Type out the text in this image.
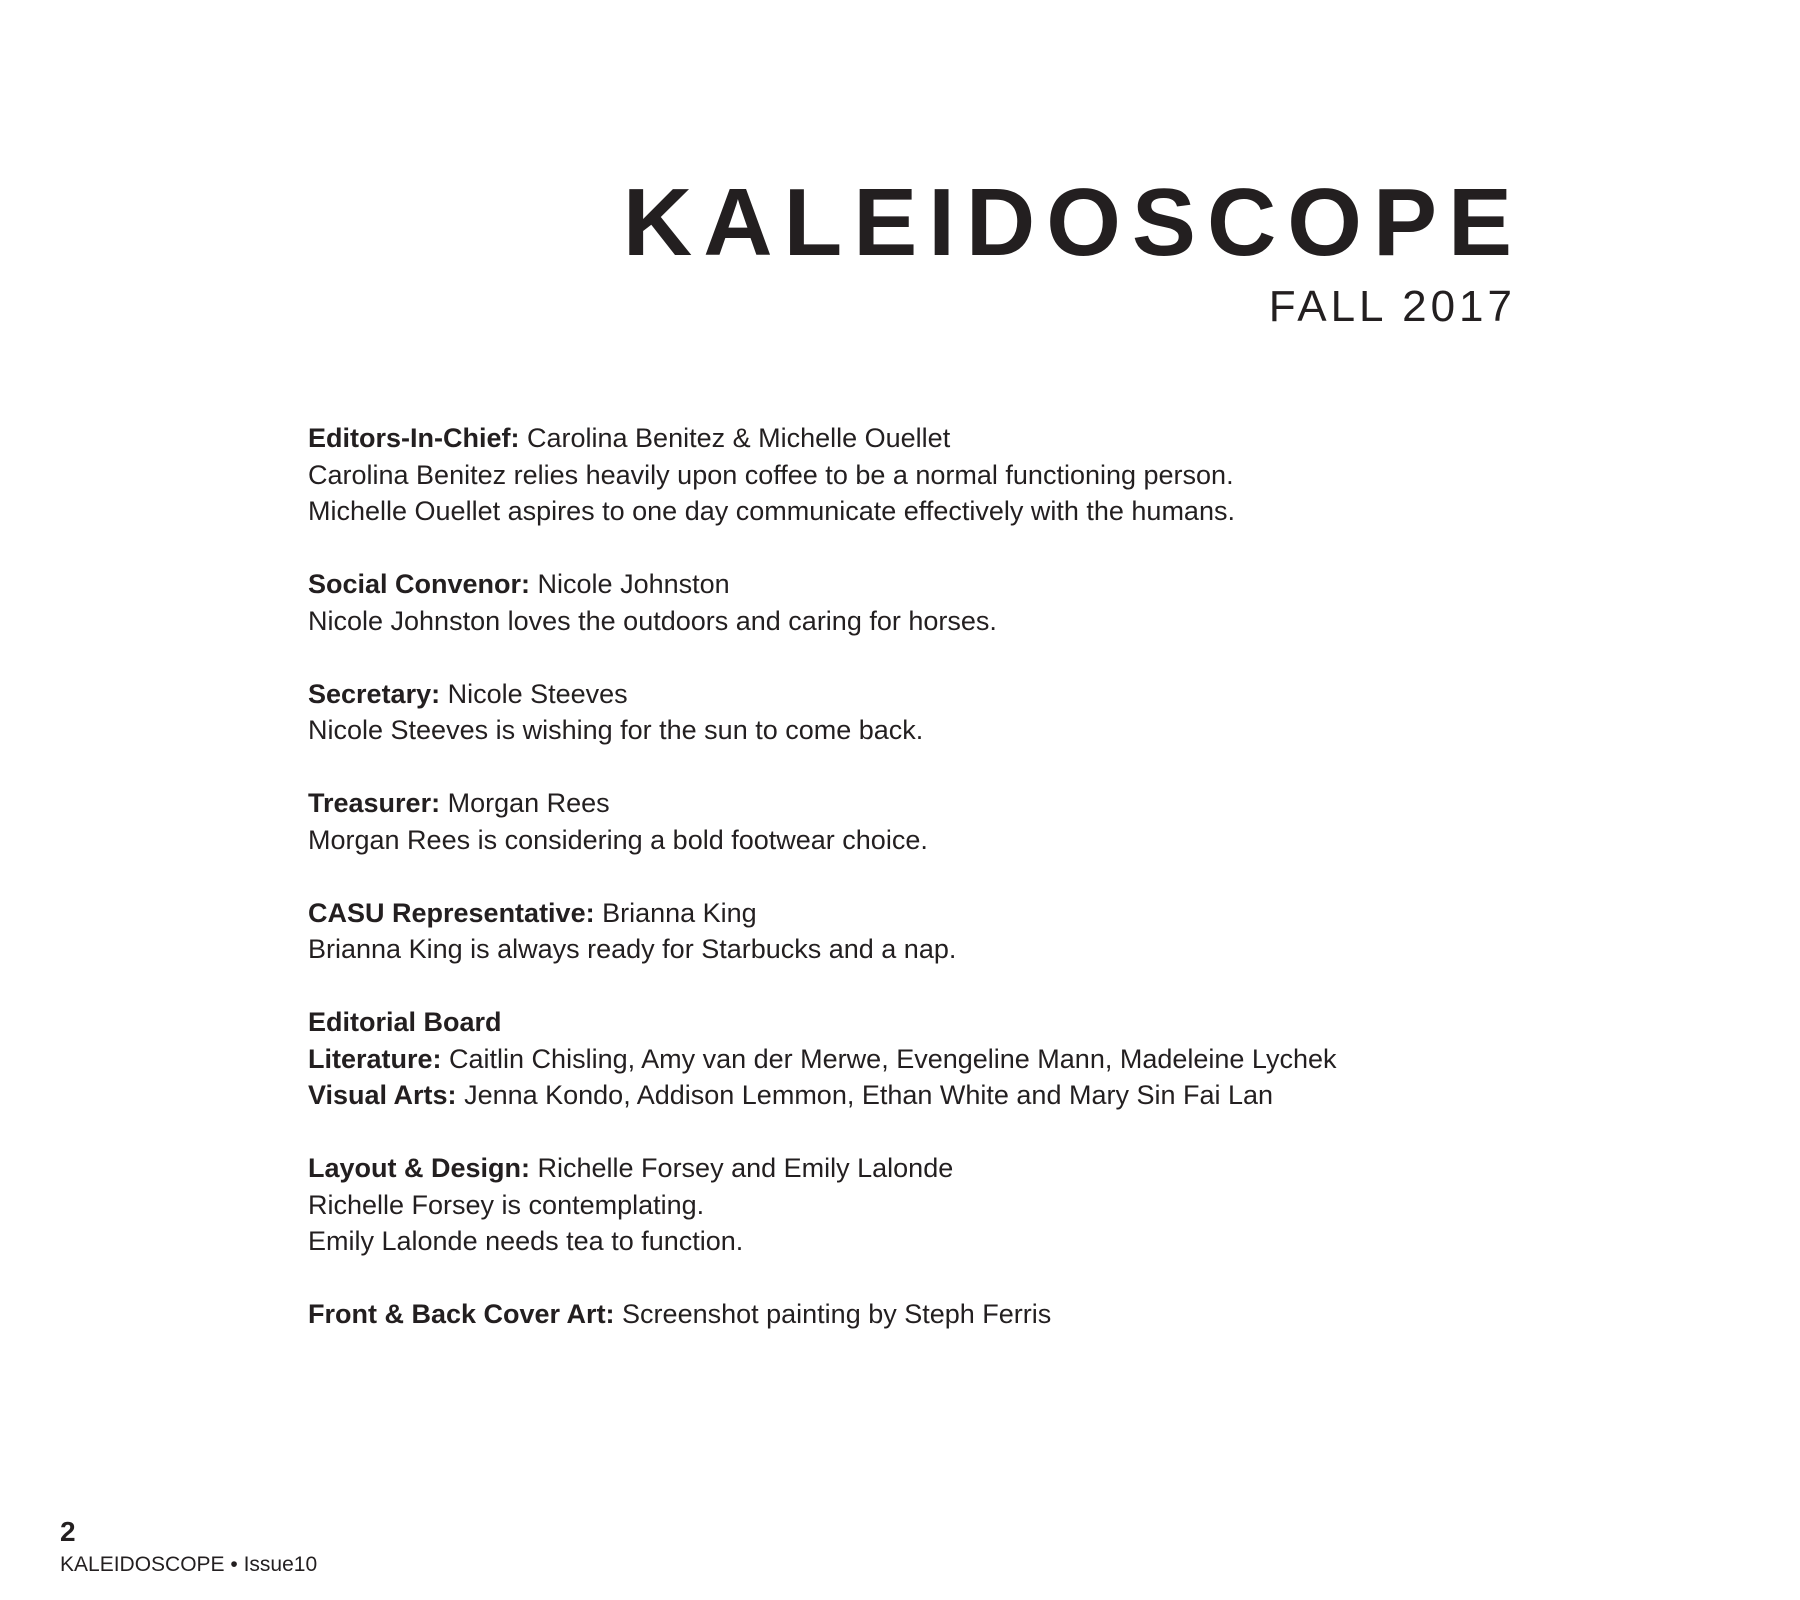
KALEIDOSCOPE
FALL 2017
Editors-In-Chief: Carolina Benitez & Michelle Ouellet
Carolina Benitez relies heavily upon coffee to be a normal functioning person.
Michelle Ouellet aspires to one day communicate effectively with the humans.
Social Convenor: Nicole Johnston
Nicole Johnston loves the outdoors and caring for horses.
Secretary: Nicole Steeves
Nicole Steeves is wishing for the sun to come back.
Treasurer: Morgan Rees
Morgan Rees is considering a bold footwear choice.
CASU Representative: Brianna King
Brianna King is always ready for Starbucks and a nap.
Editorial Board
Literature: Caitlin Chisling, Amy van der Merwe, Evengeline Mann, Madeleine Lychek
Visual Arts: Jenna Kondo, Addison Lemmon, Ethan White and Mary Sin Fai Lan
Layout & Design: Richelle Forsey and Emily Lalonde
Richelle Forsey is contemplating.
Emily Lalonde needs tea to function.
Front & Back Cover Art: Screenshot painting by Steph Ferris
2
KALEIDOSCOPE • Issue10
